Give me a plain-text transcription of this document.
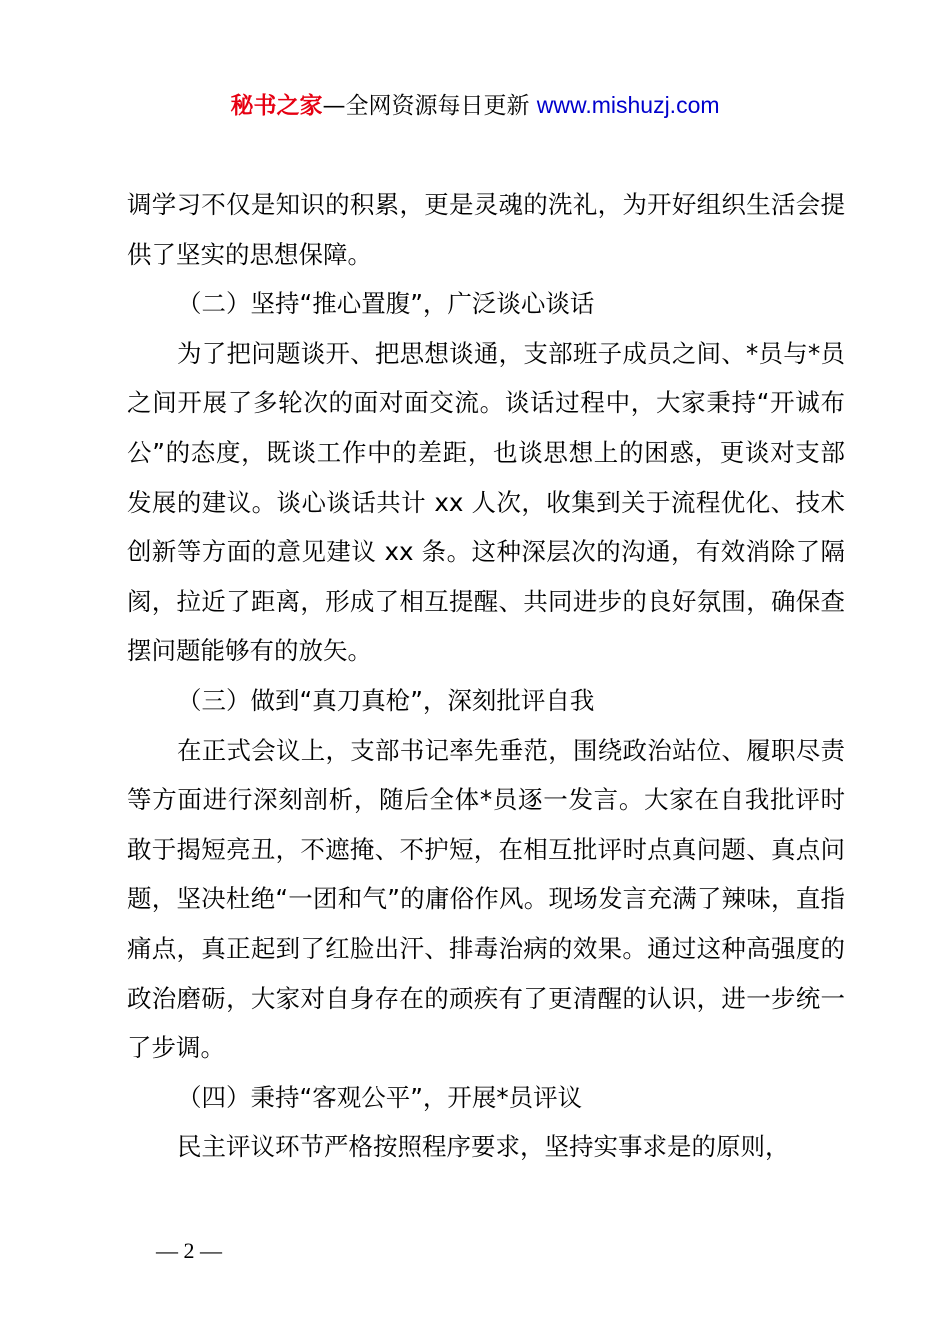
秘书之家—全网资源每日更新 www.mishuzj.com

调学习不仅是知识的积累，更是灵魂的洗礼，为开好组织生活会提供了坚实的思想保障。

（二）坚持“推心置腹”，广泛谈心谈话

为了把问题谈开、把思想谈通，支部班子成员之间、*员与*员之间开展了多轮次的面对面交流。谈话过程中，大家秉持“开诚布公”的态度，既谈工作中的差距，也谈思想上的困惑，更谈对支部发展的建议。谈心谈话共计 xx 人次，收集到关于流程优化、技术创新等方面的意见建议 xx 条。这种深层次的沟通，有效消除了隔阂，拉近了距离，形成了相互提醒、共同进步的良好氛围，确保查摆问题能够有的放矢。

（三）做到“真刀真枪”，深刻批评自我

在正式会议上，支部书记率先垂范，围绕政治站位、履职尽责等方面进行深刻剖析，随后全体*员逐一发言。大家在自我批评时敢于揭短亮丑，不遮掩、不护短，在相互批评时点真问题、真点问题，坚决杜绝“一团和气”的庸俗作风。现场发言充满了辣味，直指痛点，真正起到了红脸出汗、排毒治病的效果。通过这种高强度的政治磨砺，大家对自身存在的顽疾有了更清醒的认识，进一步统一了步调。

（四）秉持“客观公平”，开展*员评议

民主评议环节严格按照程序要求，坚持实事求是的原则，

— 2 —
